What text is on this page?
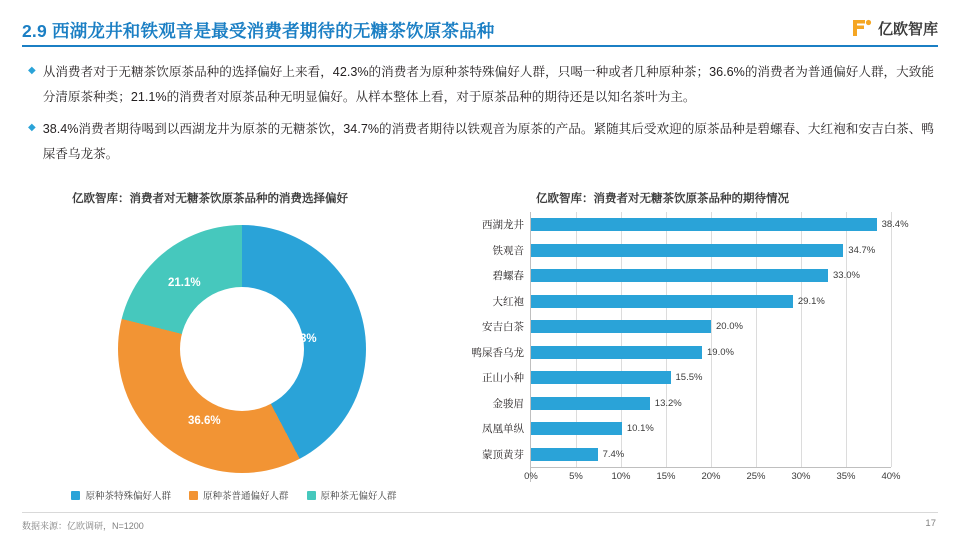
2.9 西湖龙井和铁观音是最受消费者期待的无糖茶饮原茶品种	亿欧智库
◆ 从消费者对于无糖茶饮原茶品种的选择偏好上来看，42.3%的消费者为原种茶特殊偏好人群，只喝一种或者几种原种茶；36.6%的消费者为普通偏好人群，大致能分清原茶种类；21.1%的消费者对原茶品种无明显偏好。从样本整体上看，对于原茶品种的期待还是以知名茶叶为主。
◆ 38.4%消费者期待喝到以西湖龙井为原茶的无糖茶饮，34.7%的消费者期待以铁观音为原茶的产品。紧随其后受欢迎的原茶品种是碧螺春、大红袍和安吉白茶、鸭屎香乌龙茶。
亿欧智库：消费者对无糖茶饮原茶品种的消费选择偏好
42.3%
36.6%
21.1%
原种茶特殊偏好人群	原种茶普通偏好人群	原种茶无偏好人群
亿欧智库：消费者对无糖茶饮原茶品种的期待情况
0%	5%	10%	15%	20%	25%	30%	35%	40%
西湖龙井	38.4%
铁观音	34.7%
碧螺春	33.0%
大红袍	29.1%
安吉白茶	20.0%
鸭屎香乌龙	19.0%
正山小种	15.5%
金骏眉	13.2%
凤凰单纵	10.1%
蒙顶黄芽	7.4%
数据来源：亿欧调研，N=1200	17
